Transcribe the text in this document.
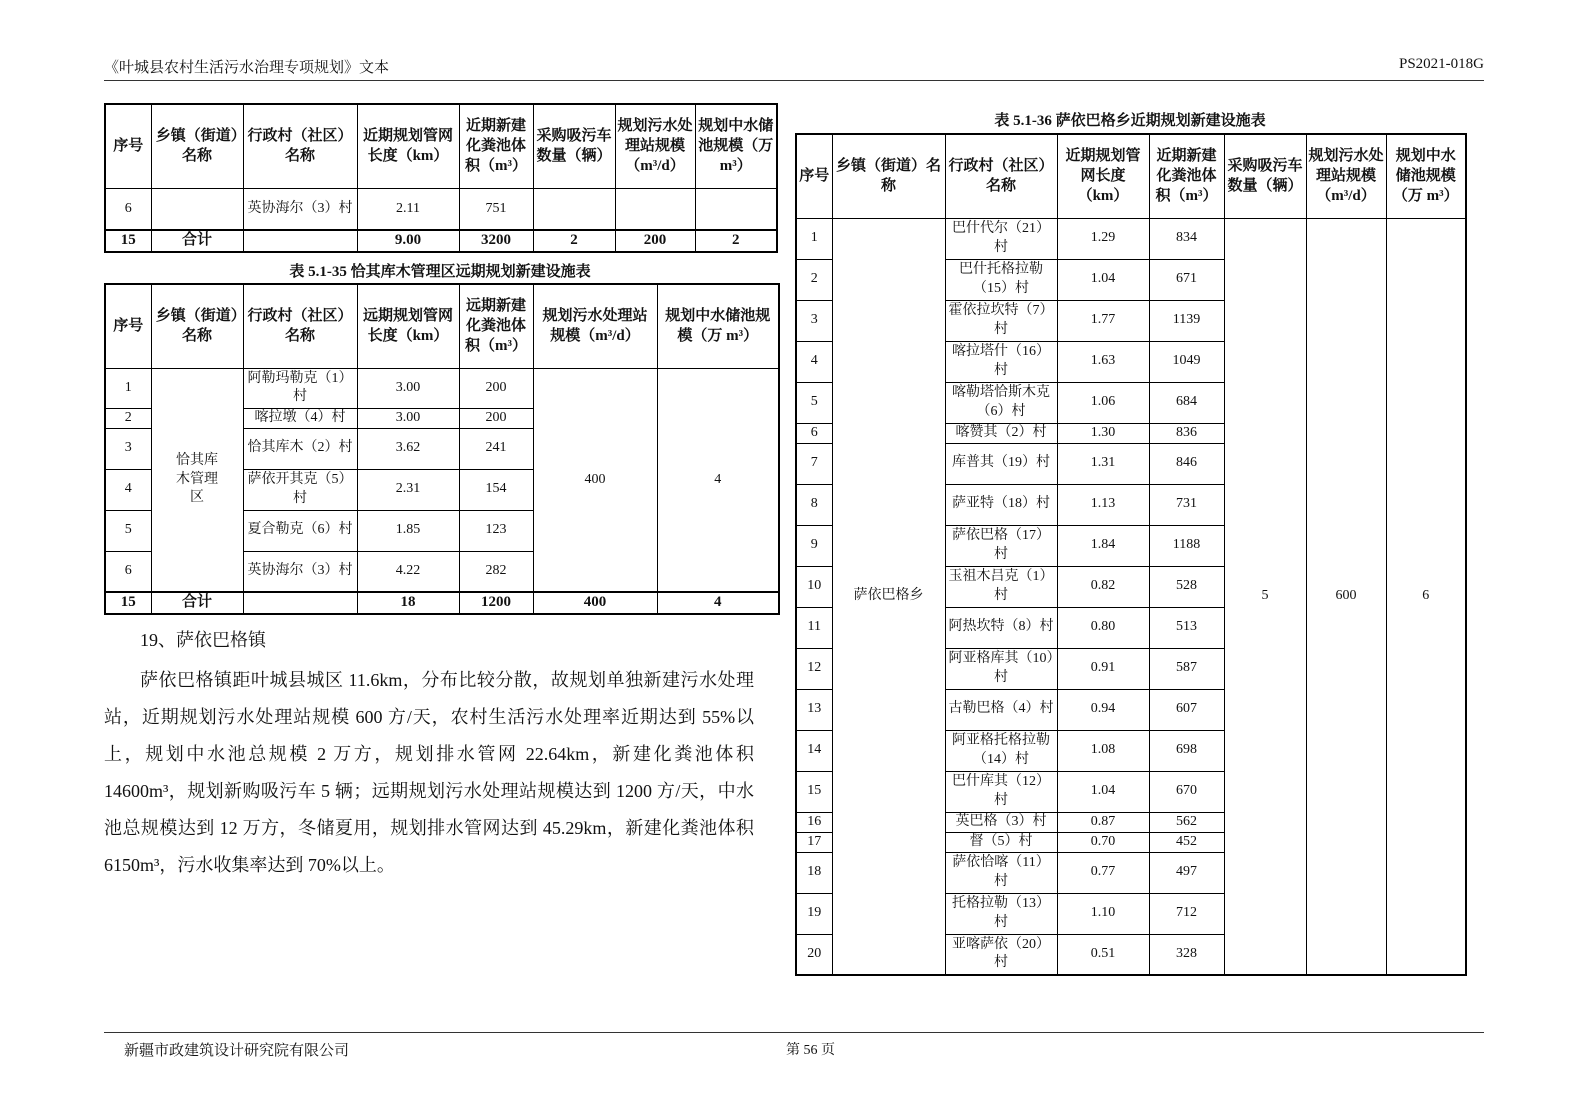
《叶城县农村生活污水治理专项规划》文本	PS2021-018G
序号	乡镇（街道）名称	行政村（社区）名称	近期规划管网长度（km）	近期新建化粪池体积（m³）	采购吸污车数量（辆）	规划污水处理站规模（m³/d）	规划中水储池规模（万 m³）
6		英协海尔（3）村	2.11	751			
15	合计		9.00	3200	2	200	2
表 5.1-35 恰其库木管理区远期规划新建设施表
序号	乡镇（街道）名称	行政村（社区）名称	远期规划管网长度（km）	远期新建化粪池体积（m³）	规划污水处理站规模（m³/d）	规划中水储池规模（万 m³）
1	恰其库木管理区	阿勒玛勒克（1）村	3.00	200	400	4
2		喀拉墩（4）村	3.00	200		
3		恰其库木（2）村	3.62	241		
4		萨依开其克（5）村	2.31	154		
5		夏合勒克（6）村	1.85	123		
6		英协海尔（3）村	4.22	282		
15	合计		18	1200	400	4
19、萨依巴格镇

萨依巴格镇距叶城县城区 11.6km，分布比较分散，故规划单独新建污水处理站，近期规划污水处理站规模 600 方/天，农村生活污水处理率近期达到 55%以上，规划中水池总规模 2 万方，规划排水管网 22.64km，新建化粪池体积 14600m³，规划新购吸污车 5 辆；远期规划污水处理站规模达到 1200 方/天，中水池总规模达到 12 万方，冬储夏用，规划排水管网达到 45.29km，新建化粪池体积 6150m³，污水收集率达到 70%以上。

表 5.1-36 萨依巴格乡近期规划新建设施表
序号	乡镇（街道）名称	行政村（社区）名称	近期规划管网长度（km）	近期新建化粪池体积（m³）	采购吸污车数量（辆）	规划污水处理站规模（m³/d）	规划中水储池规模（万 m³）
1	萨依巴格乡	巴什代尔（21）村	1.29	834	5	600	6
2		巴什托格拉勒（15）村	1.04	671			
3		霍依拉坎特（7）村	1.77	1139			
4		喀拉塔什（16）村	1.63	1049			
5		喀勒塔恰斯木克（6）村	1.06	684			
6		喀赞其（2）村	1.30	836			
7		库普其（19）村	1.31	846			
8		萨亚特（18）村	1.13	731			
9		萨依巴格（17）村	1.84	1188			
10		玉祖木吕克（1）村	0.82	528			
11		阿热坎特（8）村	0.80	513			
12		阿亚格库其（10）村	0.91	587			
13		古勒巴格（4）村	0.94	607			
14		阿亚格托格拉勒（14）村	1.08	698			
15		巴什库其（12）村	1.04	670			
16		英巴格（3）村	0.87	562			
17		督（5）村	0.70	452			
18		萨依恰喀（11）村	0.77	497			
19		托格拉勒（13）村	1.10	712			
20		亚喀萨依（20）村	0.51	328			
新疆市政建筑设计研究院有限公司	第 56 页
